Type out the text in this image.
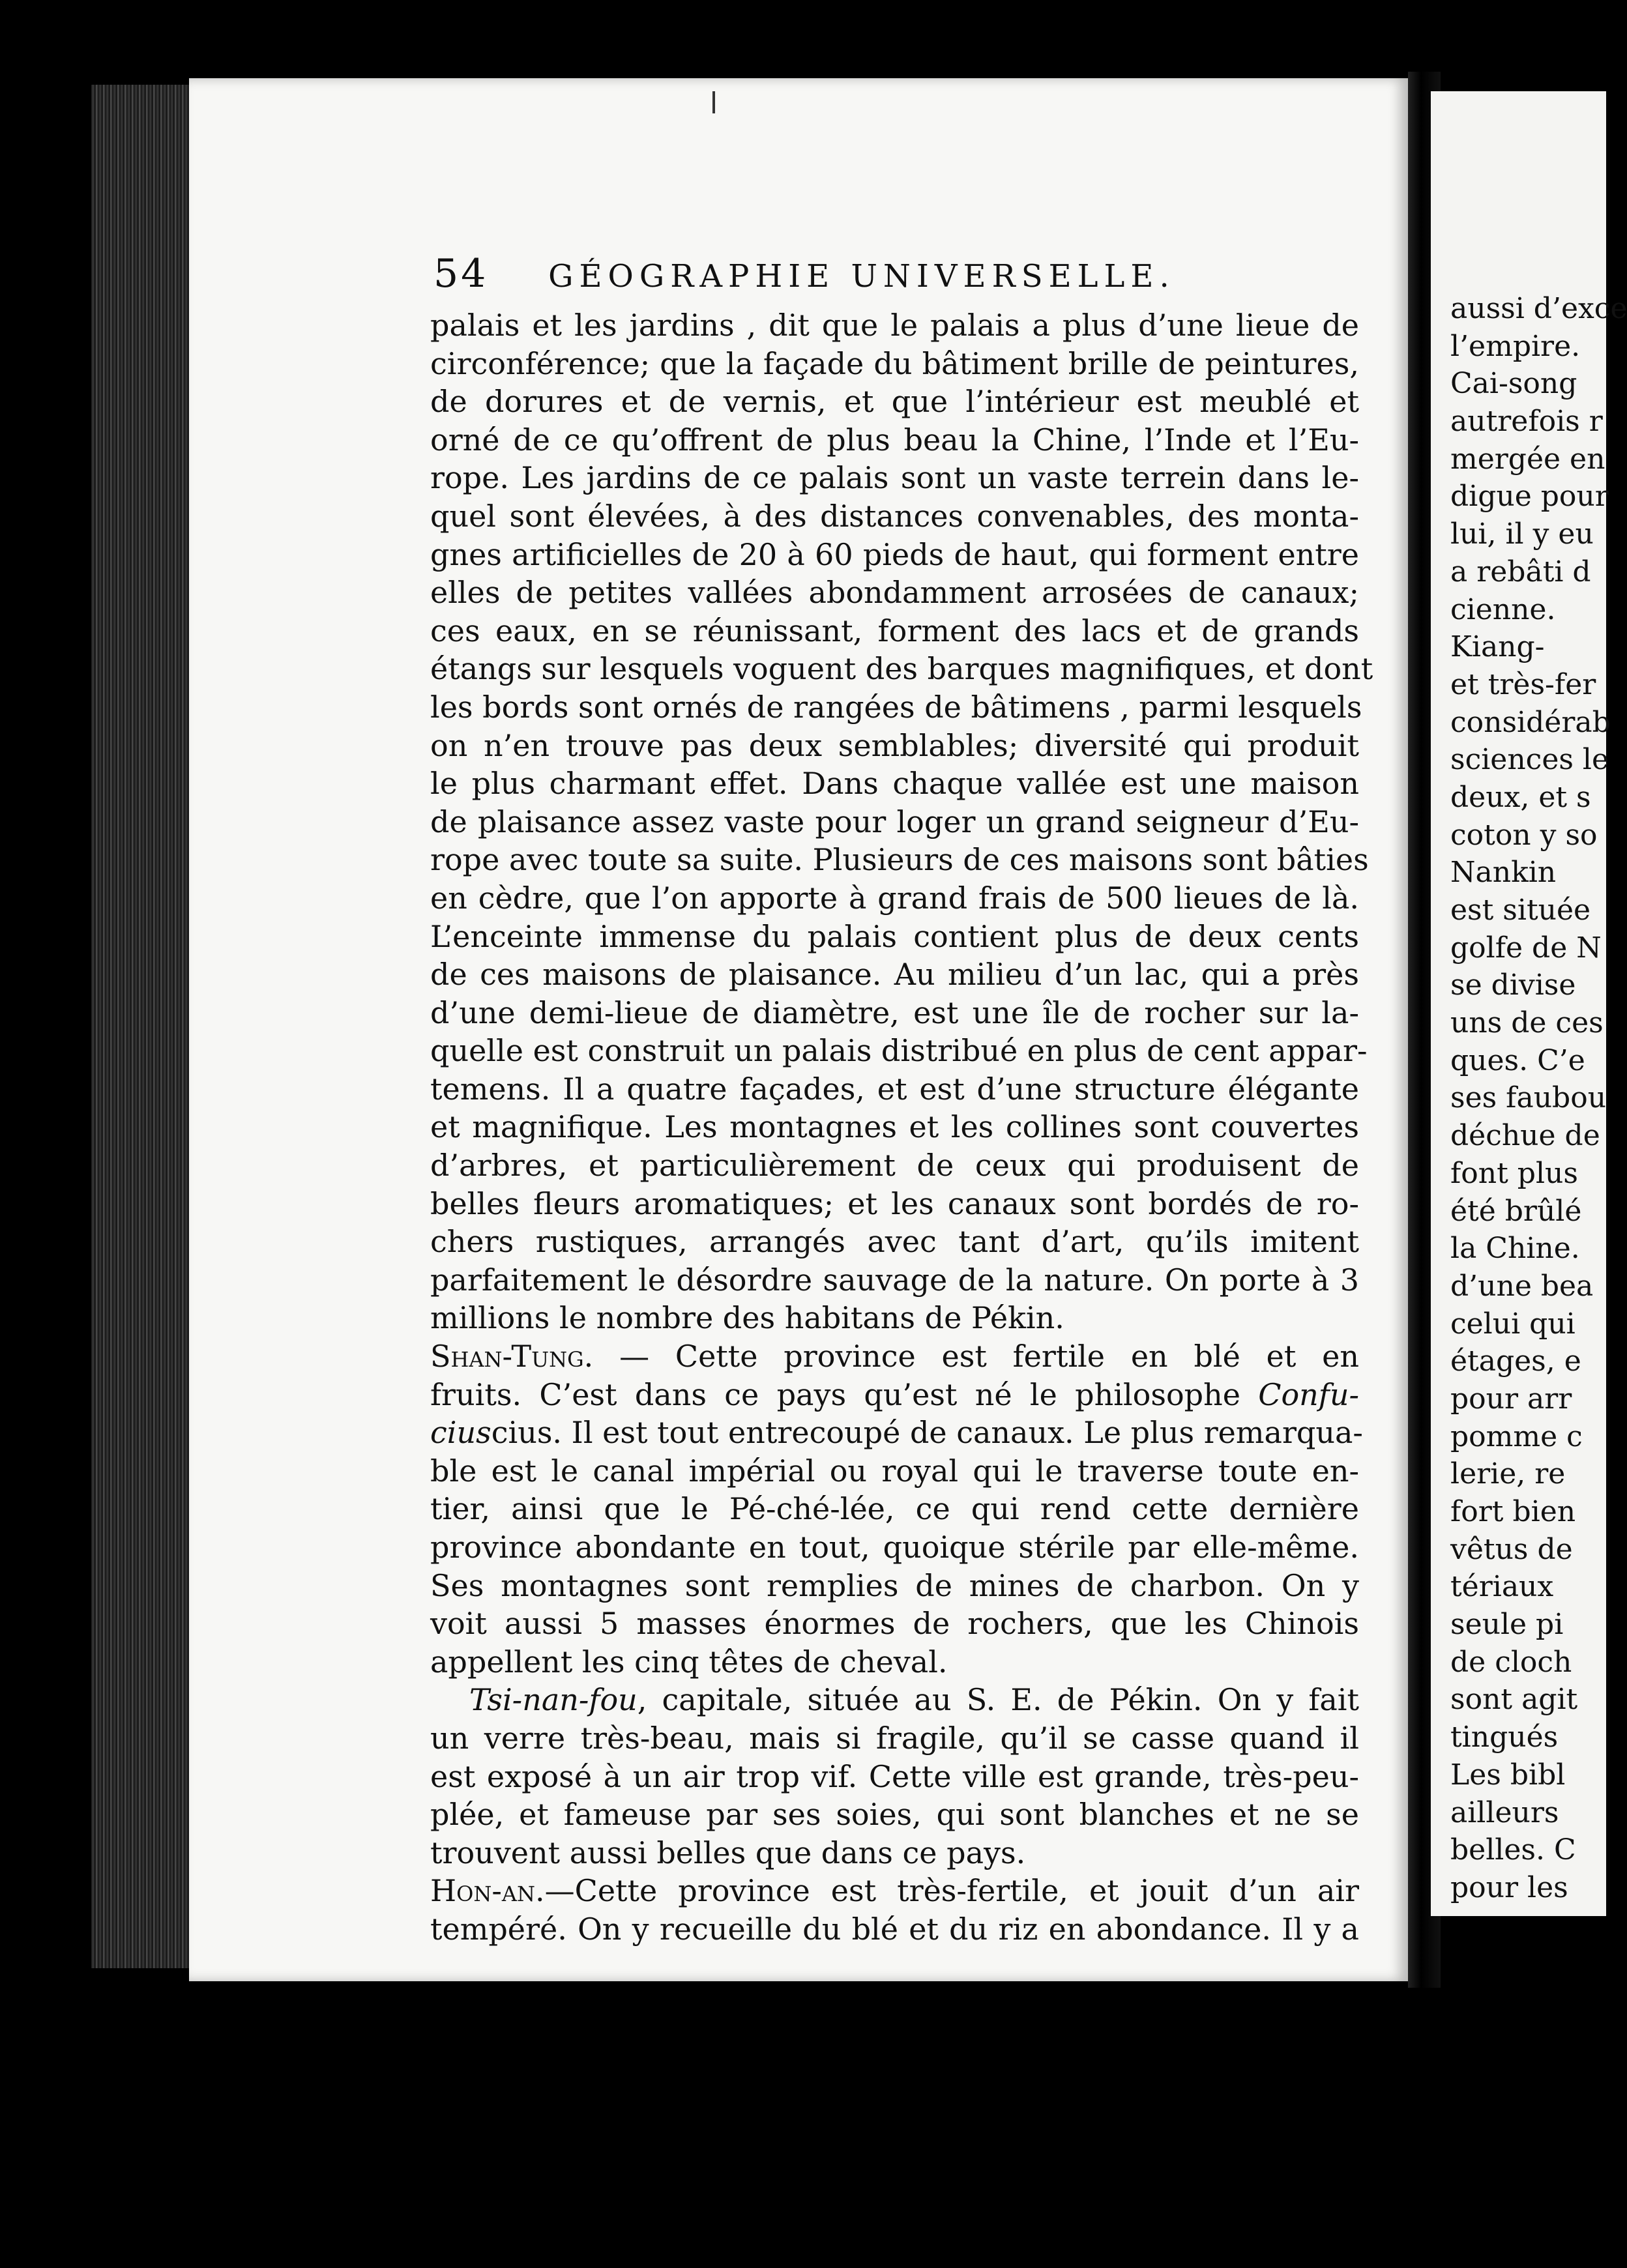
54 GÉOGRAPHIE UNIVERSELLE.
palais et les jardins , dit que le palais a plus d’une lieue de
circonférence; que la façade du bâtiment brille de peintures,
de dorures et de vernis, et que l’intérieur est meublé et
orné de ce qu’offrent de plus beau la Chine, l’Inde et l’Eu-
rope. Les jardins de ce palais sont un vaste terrein dans le-
quel sont élevées, à des distances convenables, des monta-
gnes artificielles de 20 à 60 pieds de haut, qui forment entre
elles de petites vallées abondamment arrosées de canaux;
ces eaux, en se réunissant, forment des lacs et de grands
étangs sur lesquels voguent des barques magnifiques, et dont
les bords sont ornés de rangées de bâtimens , parmi lesquels
on n’en trouve pas deux semblables; diversité qui produit
le plus charmant effet. Dans chaque vallée est une maison
de plaisance assez vaste pour loger un grand seigneur d’Eu-
rope avec toute sa suite. Plusieurs de ces maisons sont bâties
en cèdre, que l’on apporte à grand frais de 500 lieues de là.
L’enceinte immense du palais contient plus de deux cents
de ces maisons de plaisance. Au milieu d’un lac, qui a près
d’une demi-lieue de diamètre, est une île de rocher sur la-
quelle est construit un palais distribué en plus de cent appar-
temens. Il a quatre façades, et est d’une structure élégante
et magnifique. Les montagnes et les collines sont couvertes
d’arbres, et particulièrement de ceux qui produisent de
belles fleurs aromatiques; et les canaux sont bordés de ro-
chers rustiques, arrangés avec tant d’art, qu’ils imitent
parfaitement le désordre sauvage de la nature. On porte à 3
millions le nombre des habitans de Pékin.
Shan-Tung. — Cette province est fertile en blé et en
fruits. C’est dans ce pays qu’est né le philosophe Confu-
ciuscius. Il est tout entrecoupé de canaux. Le plus remarqua-
ble est le canal impérial ou royal qui le traverse toute en-
tier, ainsi que le Pé-ché-lée, ce qui rend cette dernière
province abondante en tout, quoique stérile par elle-même.
Ses montagnes sont remplies de mines de charbon. On y
voit aussi 5 masses énormes de rochers, que les Chinois
appellent les cinq têtes de cheval.
Tsi-nan-fou, capitale, située au S. E. de Pékin. On y fait
un verre très-beau, mais si fragile, qu’il se casse quand il
est exposé à un air trop vif. Cette ville est grande, très-peu-
plée, et fameuse par ses soies, qui sont blanches et ne se
trouvent aussi belles que dans ce pays.
Hon-an.—Cette province est très-fertile, et jouit d’un air
tempéré. On y recueille du blé et du riz en abondance. Il y a
aussi d’exce
l’empire.
Cai-song
autrefois r
mergée en
digue pour
lui, il y eu
a rebâti d
cienne.
Kiang-
et très-fer
considérab
sciences le
deux, et s
coton y so
Nankin
est située
golfe de N
se divise
uns de ces
ques. C’e
ses faubou
déchue de
font plus
été brûlé
la Chine.
d’une bea
celui qui
étages, e
pour arr
pomme c
lerie, re
fort bien
vêtus de
tériaux
seule pi
de cloch
sont agit
tingués
Les bibl
ailleurs
belles. C
pour les
